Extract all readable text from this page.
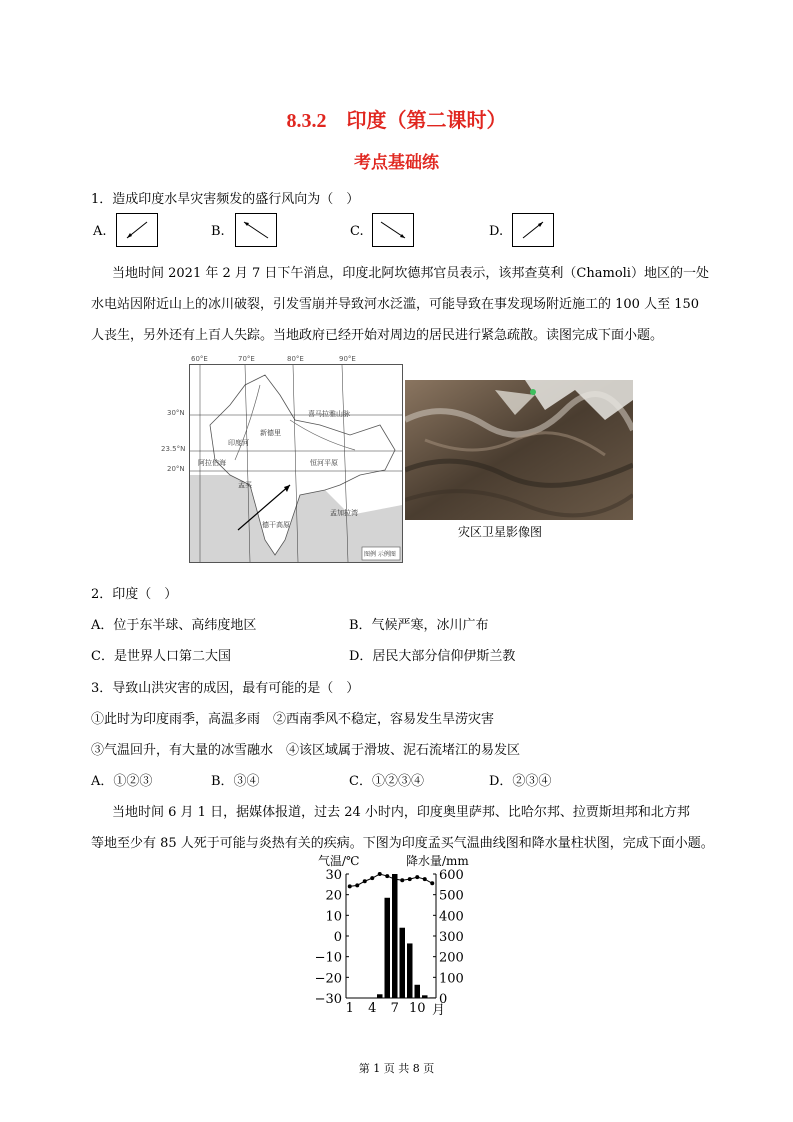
8.3.2　印度（第二课时）
考点基础练
1．造成印度水旱灾害频发的盛行风向为（　）
A.	B.	C.	D.
当地时间 2021 年 2 月 7 日下午消息，印度北阿坎德邦官员表示，该邦查莫利（Chamoli）地区的一处
水电站因附近山上的冰川破裂，引发雪崩并导致河水泛滥，可能导致在事发现场附近施工的 100 人至 150
人丧生，另外还有上百人失踪。当地政府已经开始对周边的居民进行紧急疏散。读图完成下面小题。
喜马拉雅山脉
新德里
恒河平原
德干高原
孟加拉湾
阿拉伯海
印度河
孟买
图例 示例图
60°E	70°E	80°E	90°E
30°N
23.5°N
20°N
灾区卫星影像图
2．印度（　）
A．位于东半球、高纬度地区	B．气候严寒，冰川广布
C．是世界人口第二大国	D．居民大部分信仰伊斯兰教
3．导致山洪灾害的成因，最有可能的是（　）
①此时为印度雨季，高温多雨　②西南季风不稳定，容易发生旱涝灾害
③气温回升，有大量的冰雪融水　④该区域属于滑坡、泥石流堵江的易发区
A．①②③	B．③④	C．①②③④	D．②③④
当地时间 6 月 1 日，据媒体报道，过去 24 小时内，印度奥里萨邦、比哈尔邦、拉贾斯坦邦和北方邦
等地至少有 85 人死于可能与炎热有关的疾病。下图为印度孟买气温曲线图和降水量柱状图，完成下面小题。
气温/℃	降水量/mm
30
20
10
0
−10
−20
−30
600
500
400
300
200
100
0
1 4 7 10 月
第 1 页 共 8 页
